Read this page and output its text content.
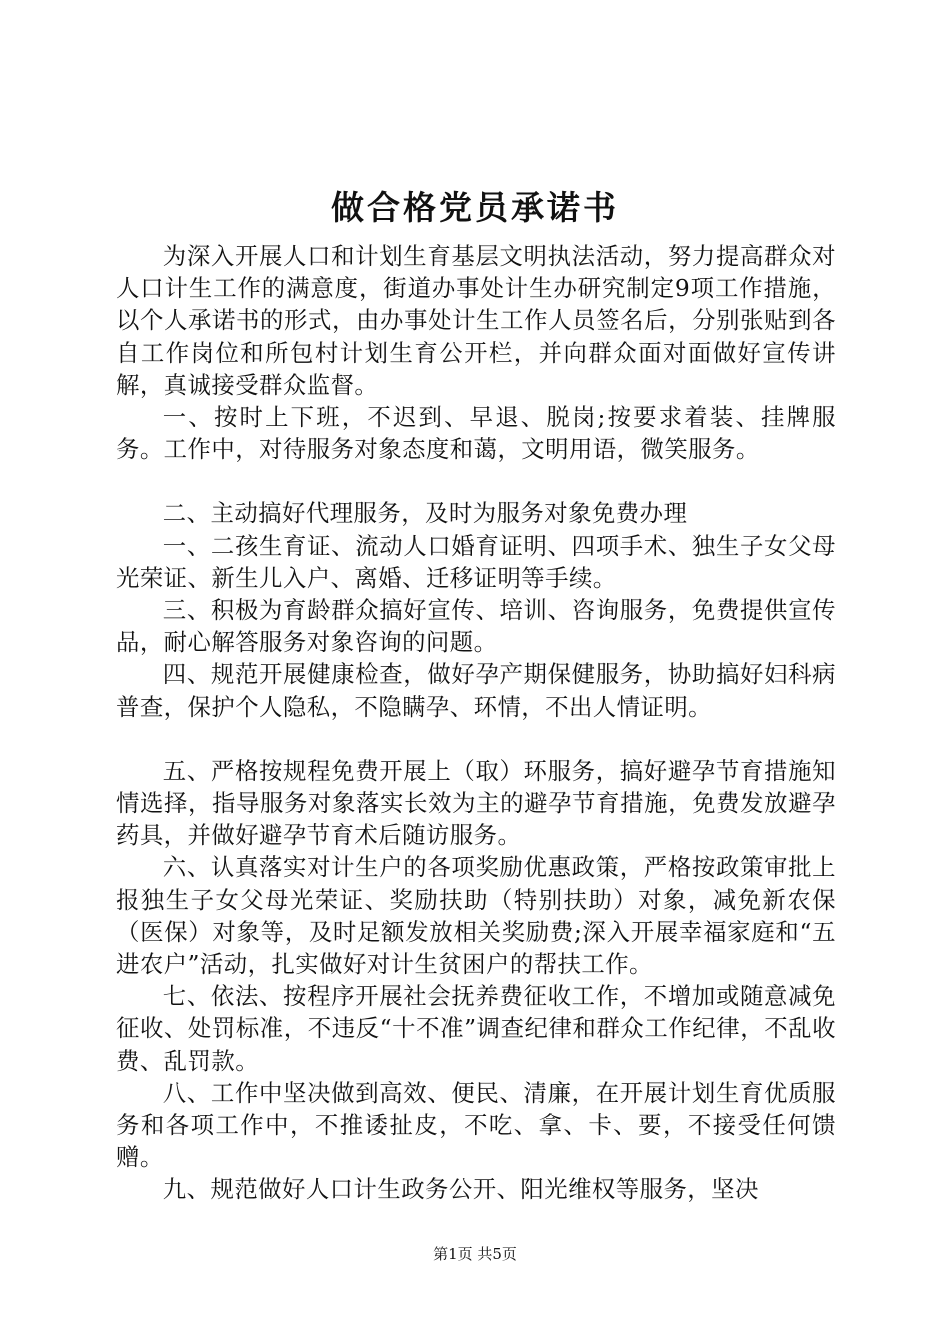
做合格党员承诺书

为深入开展人口和计划生育基层文明执法活动，努力提高群众对人口计生工作的满意度，街道办事处计生办研究制定9项工作措施，以个人承诺书的形式，由办事处计生工作人员签名后，分别张贴到各自工作岗位和所包村计划生育公开栏，并向群众面对面做好宣传讲解，真诚接受群众监督。

一、按时上下班，不迟到、早退、脱岗;按要求着装、挂牌服务。工作中，对待服务对象态度和蔼，文明用语，微笑服务。

二、主动搞好代理服务，及时为服务对象免费办理

一、二孩生育证、流动人口婚育证明、四项手术、独生子女父母光荣证、新生儿入户、离婚、迁移证明等手续。

三、积极为育龄群众搞好宣传、培训、咨询服务，免费提供宣传品，耐心解答服务对象咨询的问题。

四、规范开展健康检查，做好孕产期保健服务，协助搞好妇科病普查，保护个人隐私，不隐瞒孕、环情，不出人情证明。

五、严格按规程免费开展上（取）环服务，搞好避孕节育措施知情选择，指导服务对象落实长效为主的避孕节育措施，免费发放避孕药具，并做好避孕节育术后随访服务。

六、认真落实对计生户的各项奖励优惠政策，严格按政策审批上报独生子女父母光荣证、奖励扶助（特别扶助）对象，减免新农保（医保）对象等，及时足额发放相关奖励费;深入开展幸福家庭和“五进农户”活动，扎实做好对计生贫困户的帮扶工作。

七、依法、按程序开展社会抚养费征收工作，不增加或随意减免征收、处罚标准，不违反“十不准”调查纪律和群众工作纪律，不乱收费、乱罚款。

八、工作中坚决做到高效、便民、清廉，在开展计划生育优质服务和各项工作中，不推诿扯皮，不吃、拿、卡、要，不接受任何馈赠。

九、规范做好人口计生政务公开、阳光维权等服务，坚决

第1页 共5页
